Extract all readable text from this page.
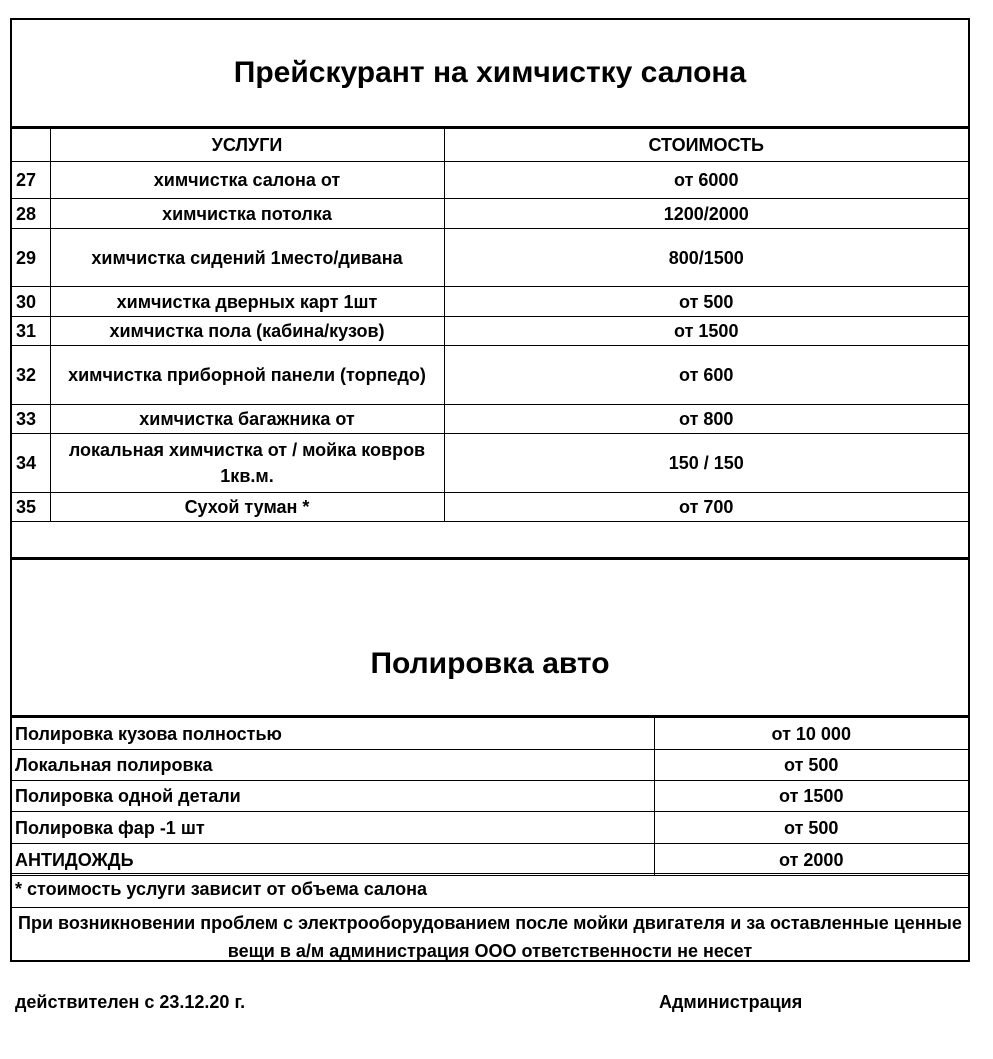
Прейскурант на химчистку салона
	УСЛУГИ	СТОИМОСТЬ
27	химчистка салона от	от 6000
28	химчистка потолка	1200/2000
29	химчистка сидений 1место/дивана	800/1500
30	химчистка дверных карт 1шт	от 500
31	химчистка пола (кабина/кузов)	от 1500
32	химчистка приборной панели (торпедо)	от 600
33	химчистка багажника от	от 800
34	локальная химчистка от / мойка ковров 1кв.м.	150 / 150
35	Сухой туман *	от 700
Полировка авто
Полировка кузова полностью	от 10 000
Локальная полировка	от 500
Полировка одной детали	от 1500
Полировка фар -1 шт	от 500
АНТИДОЖДЬ	от 2000
* стоимость услуги зависит от объема салона
При возникновении проблем с электрооборудованием после мойки двигателя и за оставленные ценные вещи в а/м администрация ООО ответственности не несет
действителен с 23.12.20 г.	Администрация
